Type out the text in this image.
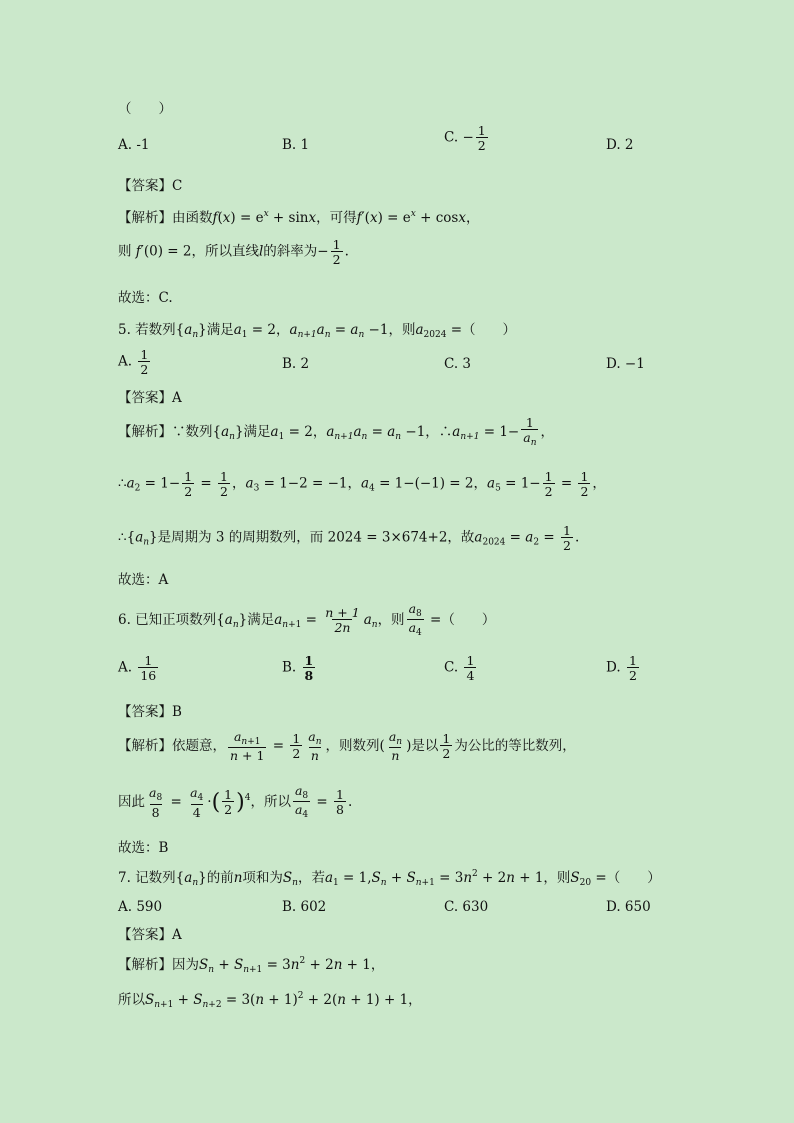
（　　）
A. -1	B. 1	C. − $\frac{1}{2}$	D. 2
【答案】C
【解析】由函数$f(x) = e^x + \sin x$，可得$f'(x) = e^x + \cos x$，
则 f′(0) = 2，所以直线l的斜率为− $\frac{1}{2}$ .
故选：C.
5. 若数列$\{a_n\}$满足$a_1 = 2$，$a_{n+1}a_n = a_n -1$，则$a_{2024}$ =（　　）
A. $\frac{1}{2}$	B. 2	C. 3	D. −1
【答案】A
【解析】∵数列$\{a_n\}$满足$a_1 = 2$，$a_{n+1}a_n = a_n -1$，$\therefore a_{n+1} = 1- \frac{1}{a_n}$ ，
$\therefore a_2 = 1- \frac{1}{2} = \frac{1}{2}$ ，$a_3 = 1-2 = -1$，$a_4 = 1-(-1) = 2$，$a_5 = 1- \frac{1}{2} = \frac{1}{2}$ ，
$\therefore\{a_n\}$是周期为 3 的周期数列，而 2024 = 3×674+2，故$a_{2024} = a_2 = \frac{1}{2}$ .
故选：A
6. 已知正项数列$\{a_n\}$满足$a_{n+1} = \frac{n + 1}{2n} a_n$，则 $\frac{a_8}{a_4}$ =（　　）
A. $\frac{1}{16}$	B. $\frac{1}{8}$	C. $\frac{1}{4}$	D. $\frac{1}{2}$
【答案】B
【解析】依题意， $\frac{a_{n+1}}{n + 1} = \frac{1}{2} \frac{a_n}{n}$ ，则数列( $\frac{a_n}{n}$ )是以 $\frac{1}{2}$ 为公比的等比数列，
因此 $\frac{a_8}{8} = \frac{a_4}{4}$ ·( $\frac{1}{2} )^4$，所以 $\frac{a_8}{a_4} = \frac{1}{8}$ .
故选：B
7. 记数列$\{a_n\}$的前n项和为$S_n$，若$a_1 = 1,S_n + S_{n+1} = 3n^2 + 2n + 1$，则$S_{20}$ =（　　）
A. 590	B. 602	C. 630	D. 650
【答案】A
【解析】因为$S_n + S_{n+1} = 3n^2 + 2n + 1$，
所以$S_{n+1} + S_{n+2} = 3(n + 1)^2 + 2(n + 1) + 1$，
